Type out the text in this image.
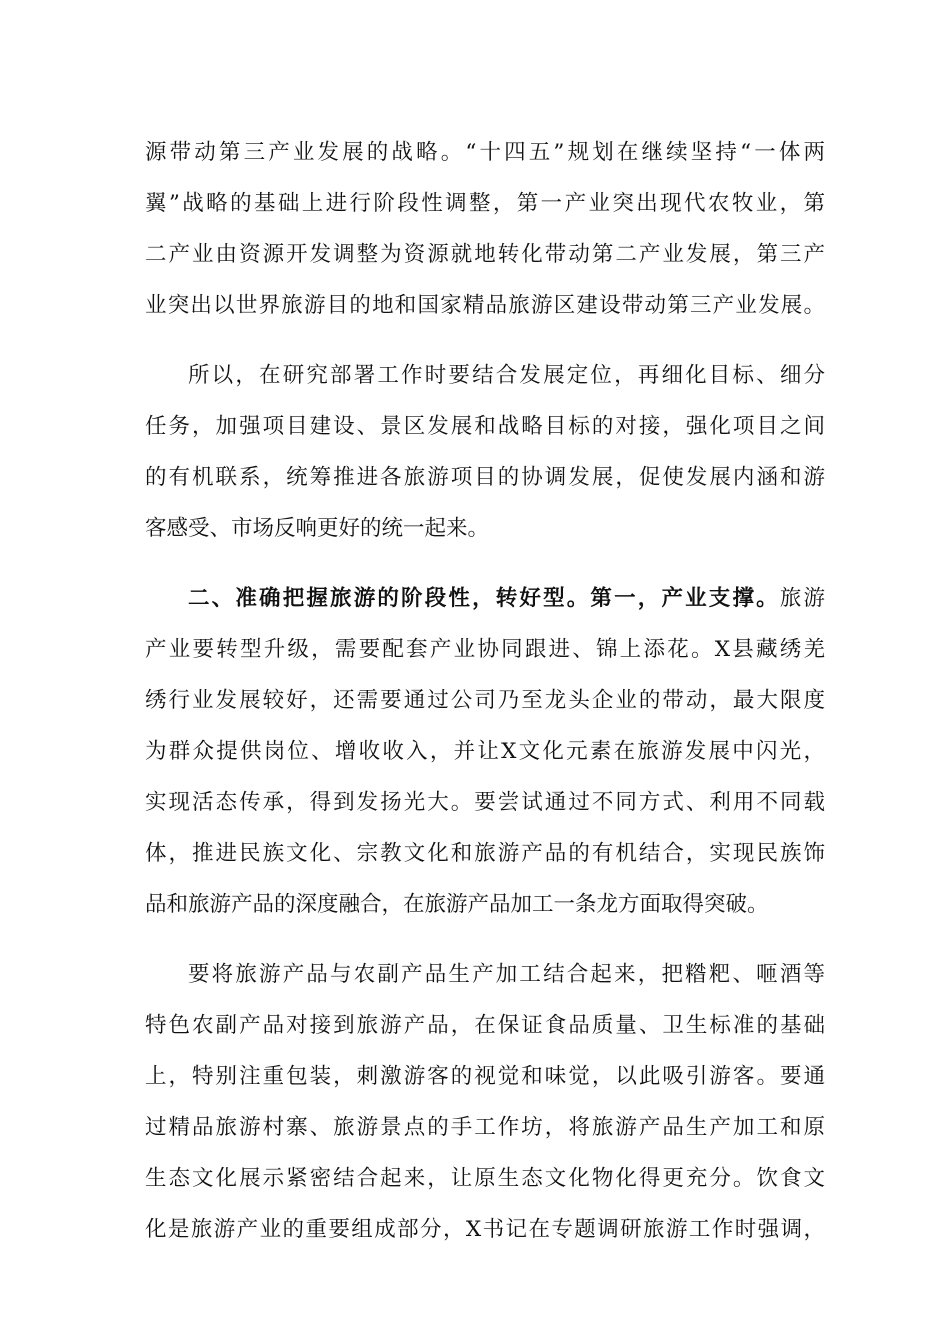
源带动第三产业发展的战略。“十四五”规划在继续坚持“一体两
翼”战略的基础上进行阶段性调整，第一产业突出现代农牧业，第
二产业由资源开发调整为资源就地转化带动第二产业发展，第三产
业突出以世界旅游目的地和国家精品旅游区建设带动第三产业发展。
所以，在研究部署工作时要结合发展定位，再细化目标、细分
任务，加强项目建设、景区发展和战略目标的对接，强化项目之间
的有机联系，统筹推进各旅游项目的协调发展，促使发展内涵和游
客感受、市场反响更好的统一起来。
二、准确把握旅游的阶段性，转好型。第一，产业支撑。旅游
产业要转型升级，需要配套产业协同跟进、锦上添花。X县藏绣羌
绣行业发展较好，还需要通过公司乃至龙头企业的带动，最大限度
为群众提供岗位、增收收入，并让X文化元素在旅游发展中闪光，
实现活态传承，得到发扬光大。要尝试通过不同方式、利用不同载
体，推进民族文化、宗教文化和旅游产品的有机结合，实现民族饰
品和旅游产品的深度融合，在旅游产品加工一条龙方面取得突破。
要将旅游产品与农副产品生产加工结合起来，把糌粑、咂酒等
特色农副产品对接到旅游产品，在保证食品质量、卫生标准的基础
上，特别注重包装，刺激游客的视觉和味觉，以此吸引游客。要通
过精品旅游村寨、旅游景点的手工作坊，将旅游产品生产加工和原
生态文化展示紧密结合起来，让原生态文化物化得更充分。饮食文
化是旅游产业的重要组成部分，X书记在专题调研旅游工作时强调，
